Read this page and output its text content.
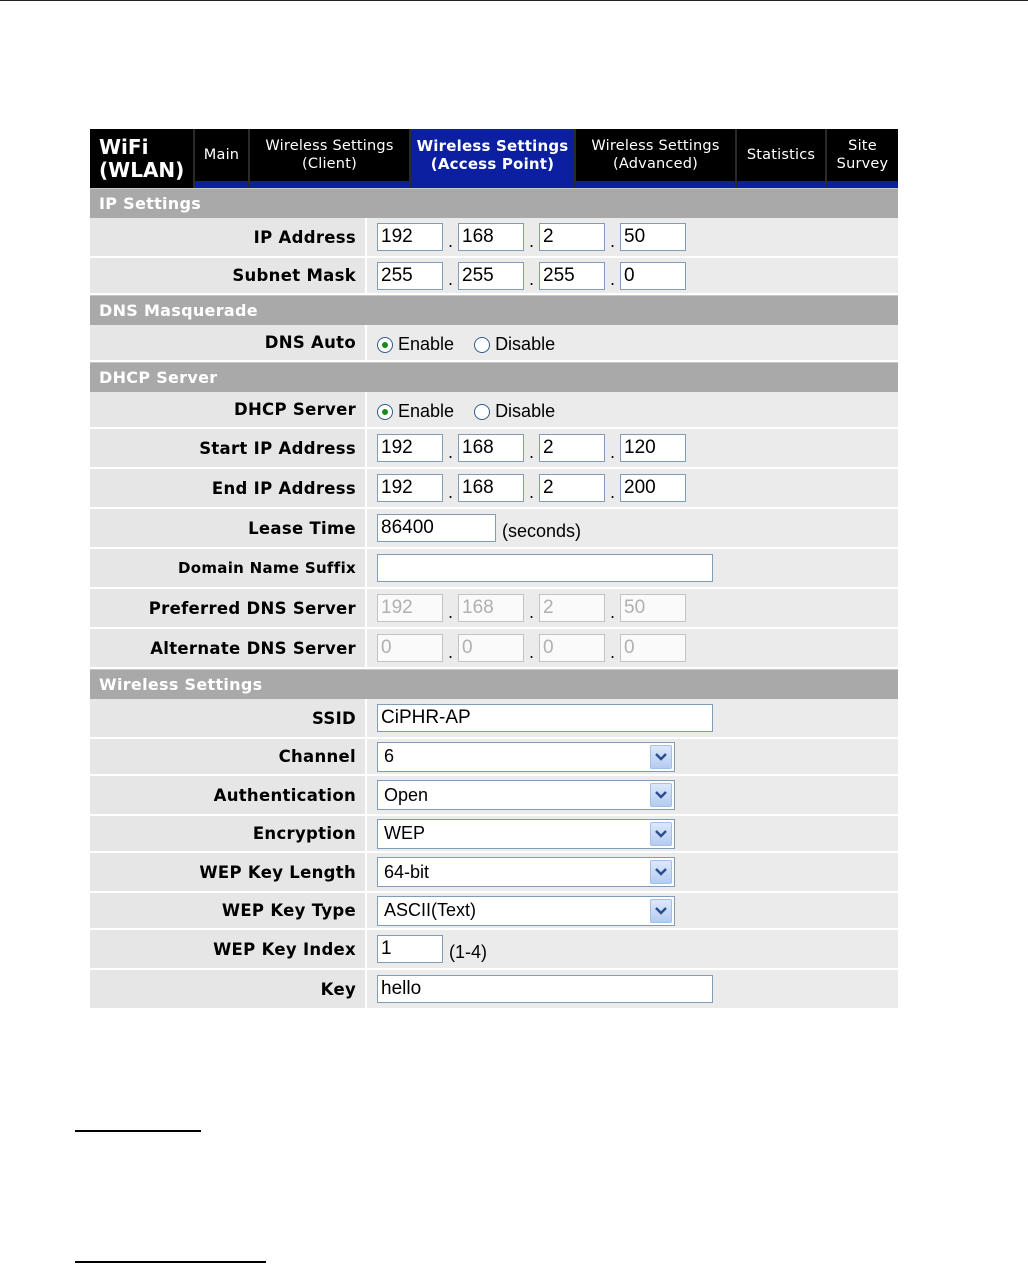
WiFi
(WLAN)
Main
Wireless Settings
(Client)
Wireless Settings
(Access Point)
Wireless Settings
(Advanced)
Statistics
Site
Survey
IP Settings
IP Address	192	. 168	. 2	. 50
Subnet Mask	255	. 255	. 255	. 0
DNS Masquerade
DNS Auto	Enable Disable
DHCP Server
DHCP Server	Enable Disable
Start IP Address	192	. 168	. 2	. 120
End IP Address	192	. 168	. 2	. 200
Lease Time	86400	(seconds)
Domain Name Suffix
Preferred DNS Server	192	. 168	. 2	. 50
Alternate DNS Server	0	. 0	. 0	. 0
Wireless Settings
SSID	CiPHR-AP
Channel	6
Authentication	Open
Encryption	WEP
WEP Key Length	64-bit
WEP Key Type	ASCII(Text)
WEP Key Index	1	(1-4)
Key	hello
